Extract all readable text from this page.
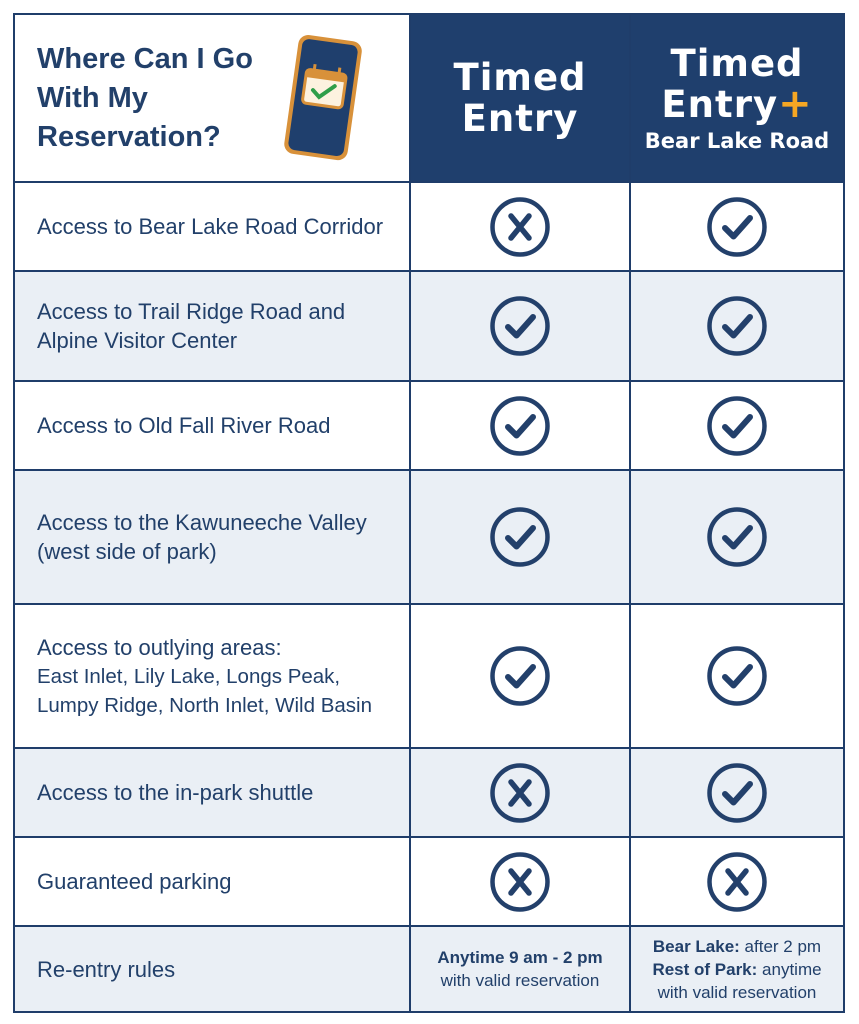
Where Can I Go
With My
Reservation?
Timed
Entry
Timed
Entry+
Bear Lake Road
Access to Bear Lake Road Corridor
Access to Trail Ridge Road and
Alpine Visitor Center
Access to Old Fall River Road
Access to the Kawuneeche Valley
(west side of park)
Access to outlying areas:
East Inlet, Lily Lake, Longs Peak,
Lumpy Ridge, North Inlet, Wild Basin
Access to the in-park shuttle
Guaranteed parking
Re-entry rules	Anytime 9 am - 2 pm
with valid reservation
Bear Lake: after 2 pm
Rest of Park: anytime
with valid reservation
